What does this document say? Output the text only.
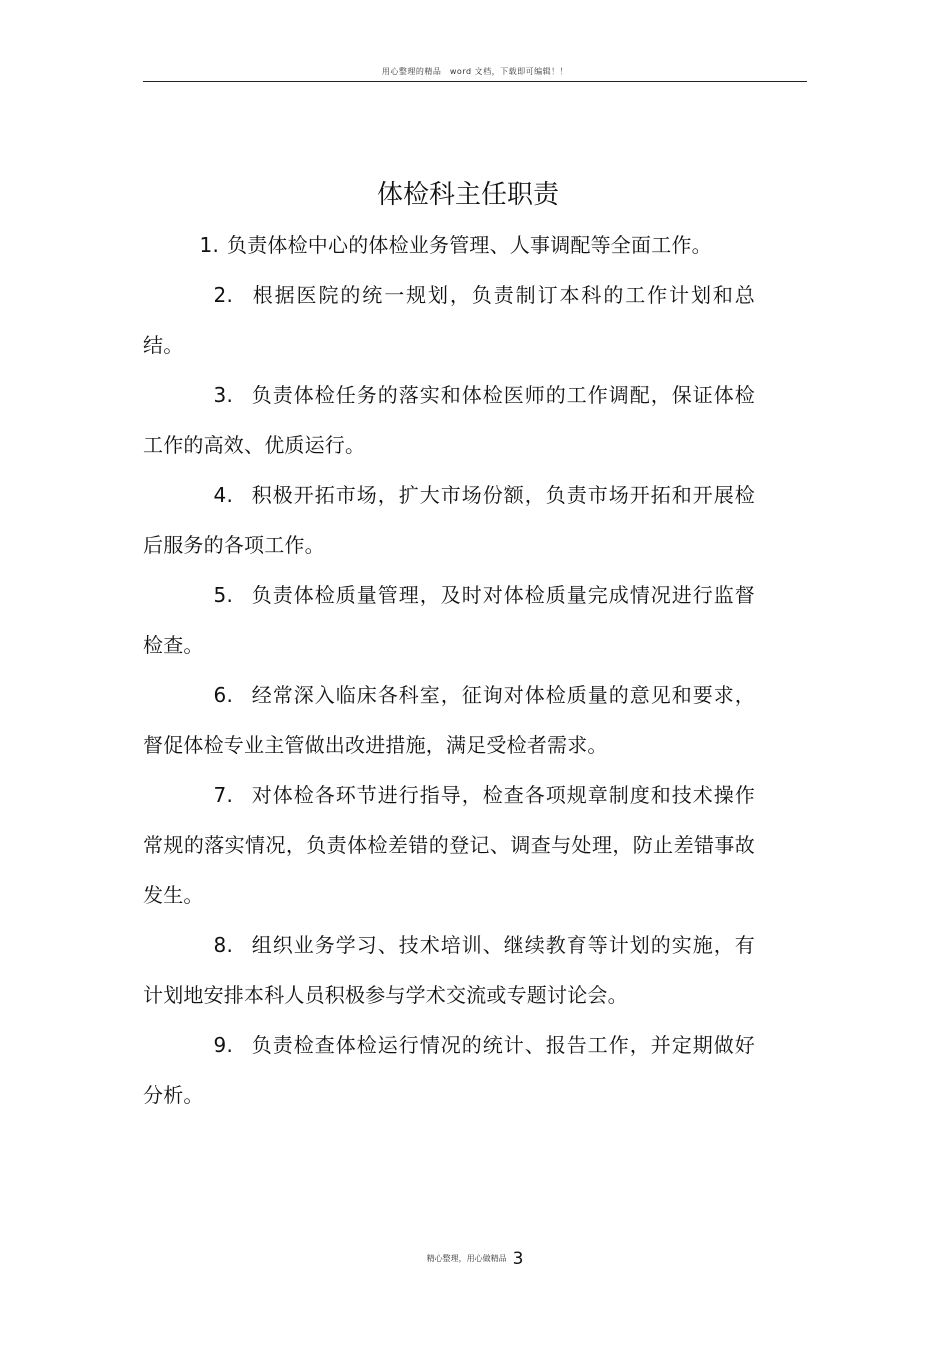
用心整理的精品　word 文档，下载即可编辑！！
体检科主任职责

1. 负责体检中心的体检业务管理、人事调配等全面工作。

2. 根据医院的统一规划，负责制订本科的工作计划和总结。

3. 负责体检任务的落实和体检医师的工作调配，保证体检工作的高效、优质运行。

4. 积极开拓市场，扩大市场份额，负责市场开拓和开展检后服务的各项工作。

5. 负责体检质量管理，及时对体检质量完成情况进行监督检查。

6. 经常深入临床各科室，征询对体检质量的意见和要求，督促体检专业主管做出改进措施，满足受检者需求。

7. 对体检各环节进行指导，检查各项规章制度和技术操作常规的落实情况，负责体检差错的登记、调查与处理，防止差错事故发生。

8. 组织业务学习、技术培训、继续教育等计划的实施，有计划地安排本科人员积极参与学术交流或专题讨论会。

9. 负责检查体检运行情况的统计、报告工作，并定期做好分析。

精心整理，用心做精品 3
